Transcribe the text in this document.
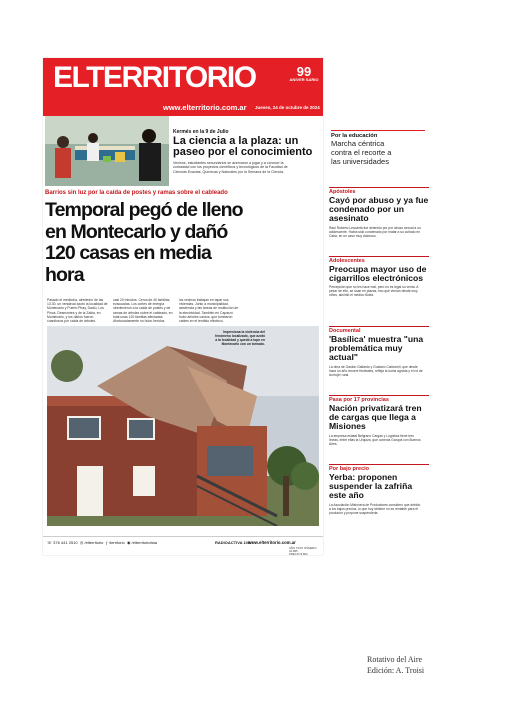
ELTERRITORIO
www.elterritorio.com.ar Jueves, 24 de octubre de 2024
99
ANIVER SARIO
Kermés en la 9 de Julio
La ciencia a la plaza: un paseo por el conocimiento
Vecinos, estudiantes secundarios se acercaron a jugar y a conocer la curiosidad con los proyectos científicos y tecnológicos de la Facultad de Ciencias Exactas, Químicas y Naturales por la Semana de la Ciencia.
Barrios sin luz por la caída de postes y ramas sobre el cableado
Temporal pegó de lleno en Montecarlo y dañó 120 casas en media hora
Pasado el mediodía, alrededor de las 13.30, un vendaval azotó la localidad de Montecarlo y Puerto Piray, Dadiu, Los Pinos, Desmontes y de la Zaiba, en Montecarlo, y los daños fueron cuantiosos por caída de árboles.
casi 20 minutos. Cerca de 40 familias, evacuadas. Los cortes de energía obedecieron a la caída de postes y de ramas de árboles sobre el cableado, en total unas 120 familias afectadas. Afortunadamente no hubo heridos.
los vecinos trabajan en tapar sus viviendas. Junto a municipalidad, asistencia y las tareas de restitución de la electricidad. También en Caparzú hubo árboles caídos, que tumbaron cables en el tendido eléctrico.
Impresiona la violencia del fenómeno localizado, que azotó a la localidad y quedó a tope en Montecarlo con un tornado.
☏ 376 441 2510 ◎ /elterritorio ƒ /territorio ◉ /elterritoriotiaa	RADIOACTIVA 100.7
www.elterritorio.com.ar
AÑO XXXX NÚMERO 34.985
PRECIO $ 800
Por la educación
Marcha céntrica
contra el recorte a
las universidades
Apóstoles
Cayó por abuso y ya fue condenado por un asesinato
Raúl Roberto Lescantá fue detenido por por abuso sexual a un adolescente. Había sido condenado por matar a su cuñado en Caba, en un caso muy doloroso.
Adolescentes
Preocupa mayor uso de cigarrillos electrónicos
Percepción que no les hace mal, pero no es legal su venta. A pesar de ello, se usan en plazas, eso que venían desde muy niños, advirtió el médico Botta.
Documental
'Basílica' muestra "una problemática muy actual"
La obra de Gastón Gallardo y Gustavo Carbonell, que desde hace un año recorre festivales, refleja la lucha agraria y el rol de la mujer rural.
Pasa por 17 provincias
Nación privatizará tren de cargas que llega a Misiones
La empresa estatal Belgrano Cargas y Logística tiene tres líneas, entre ellas la Urquiza, que conecta Garupá con Buenos Aires.
Por bajo precio
Yerba: proponen suspender la zafriña este año
La Asociación Misionera de Productores consideró que debido a los bajos precios, lo que hoy obtiene no es rentable para el productor y propone suspenderla.
Rotativo del Aire
Edición: A. Troisi
